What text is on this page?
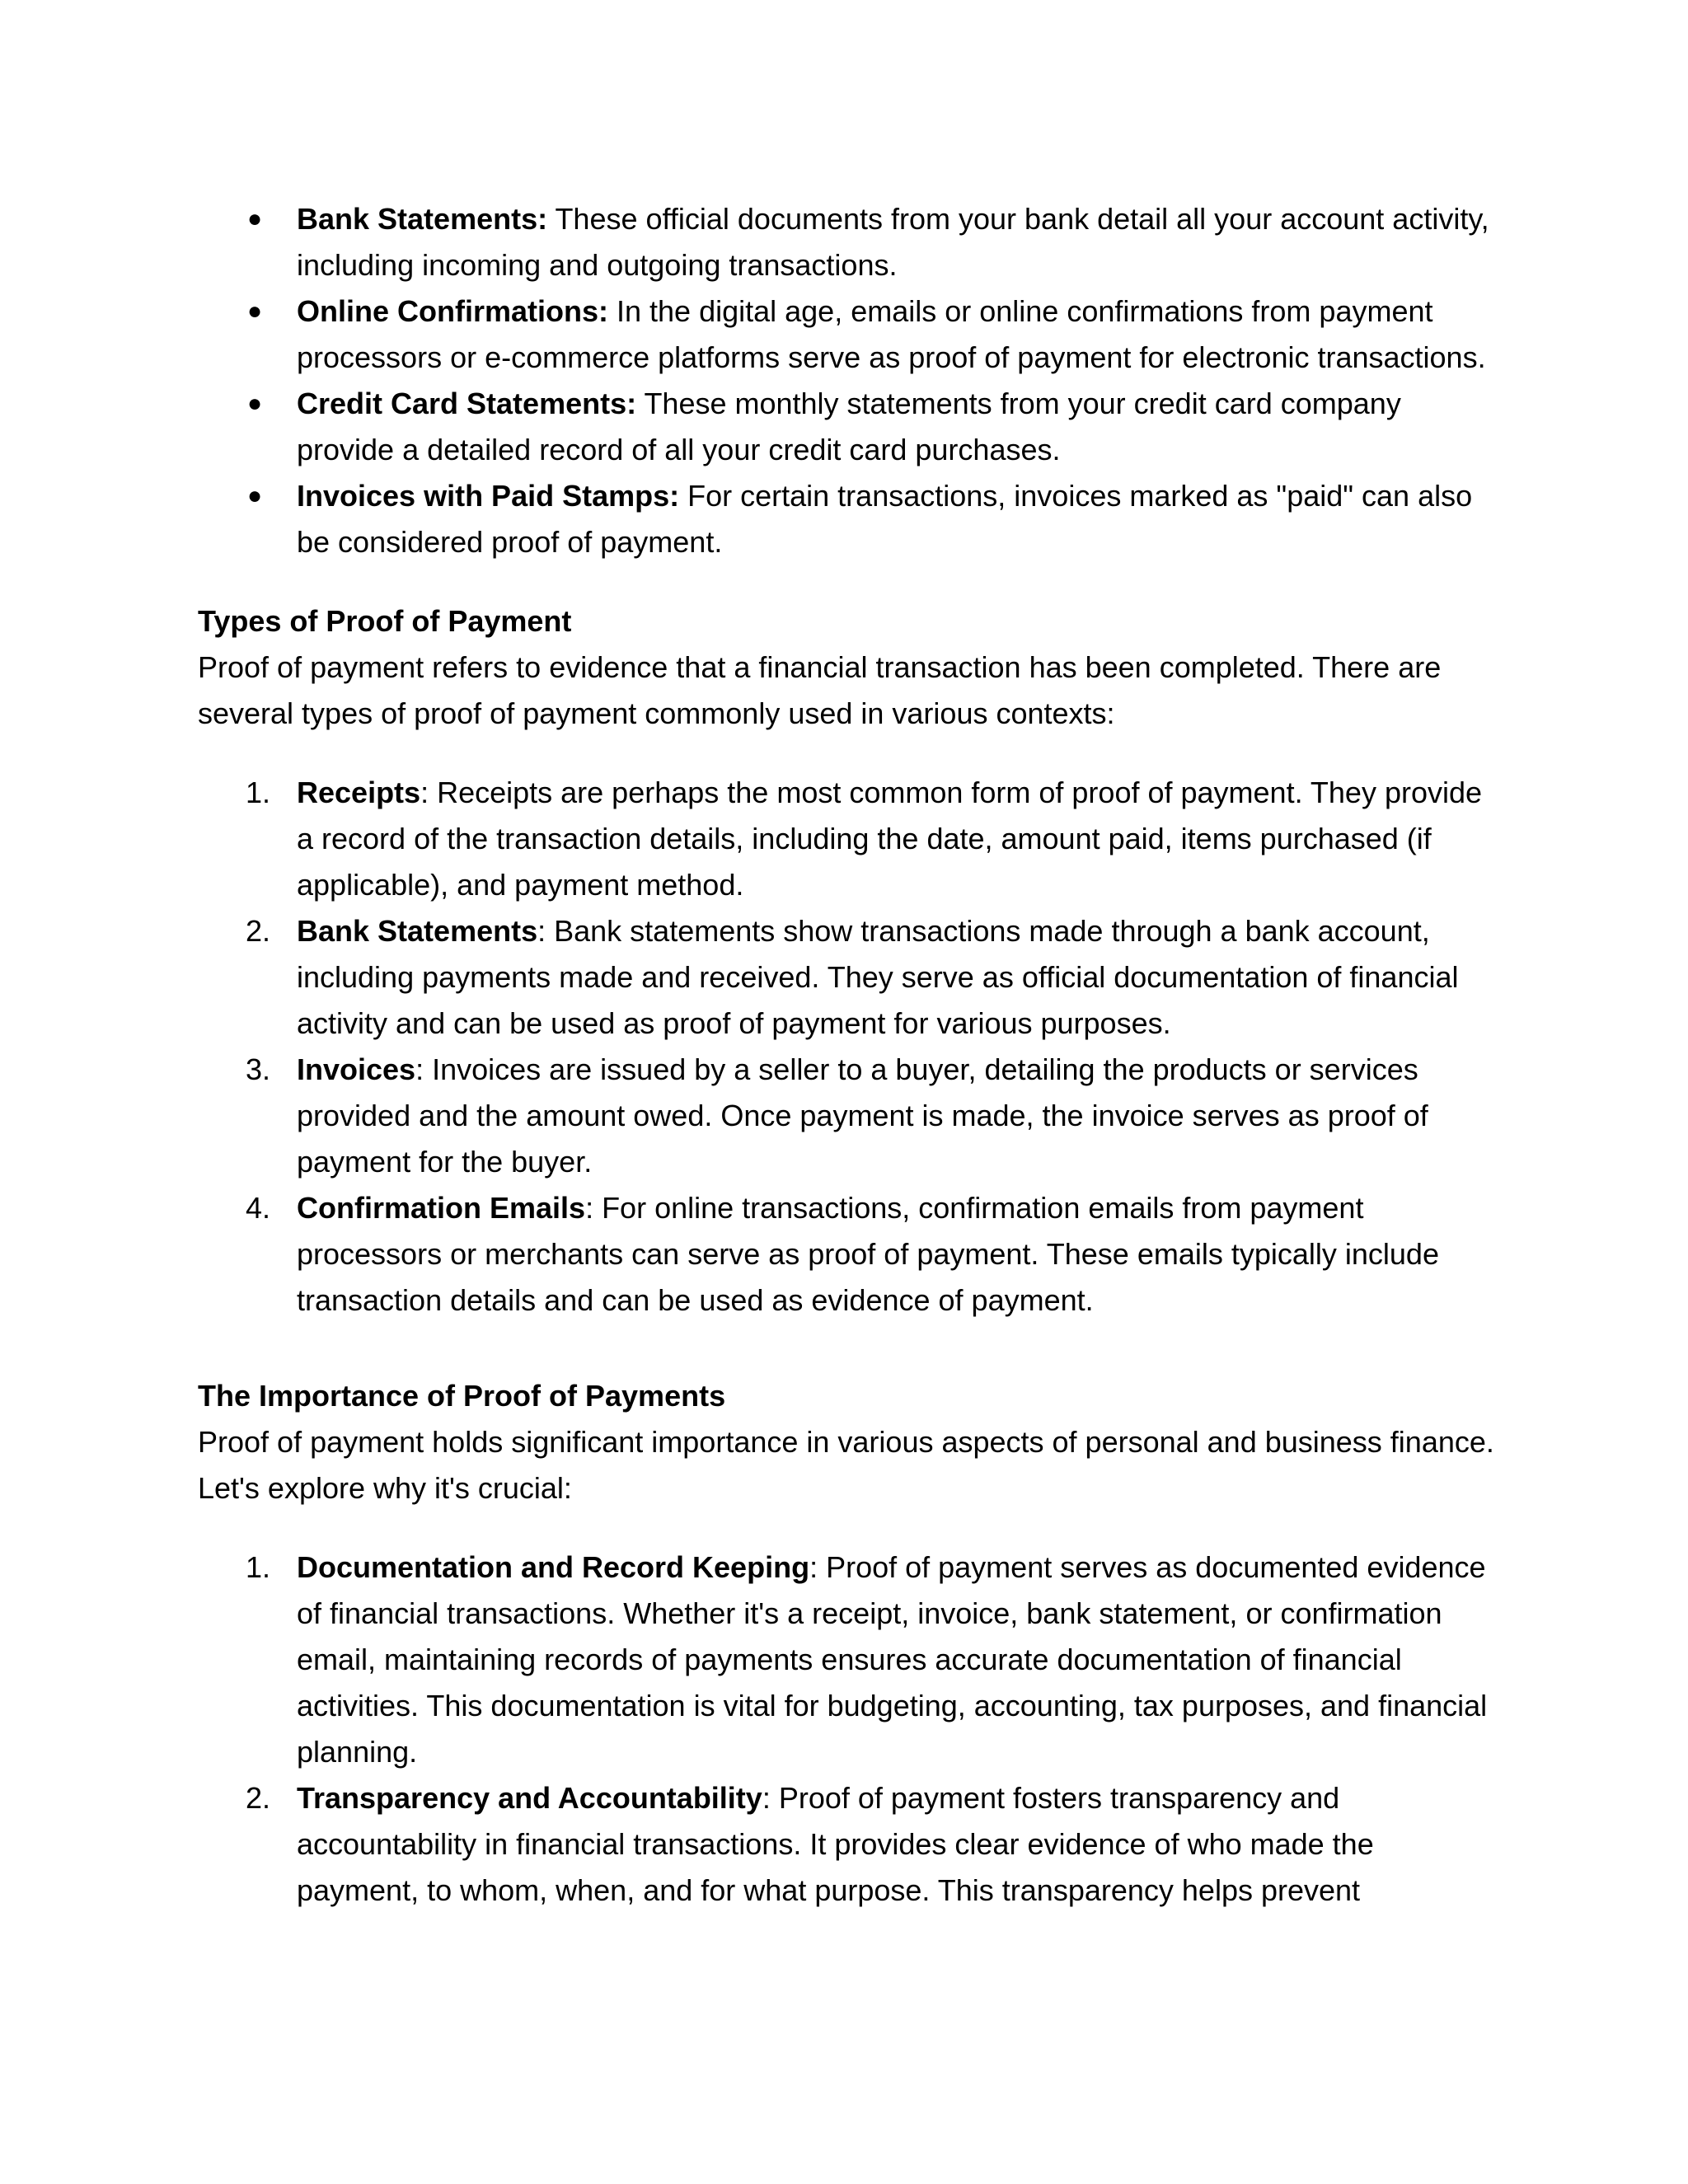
●	Bank Statements: These official documents from your bank detail all your account activity, including incoming and outgoing transactions.
●	Online Confirmations: In the digital age, emails or online confirmations from payment processors or e-commerce platforms serve as proof of payment for electronic transactions.
●	Credit Card Statements: These monthly statements from your credit card company provide a detailed record of all your credit card purchases.
●	Invoices with Paid Stamps: For certain transactions, invoices marked as "paid" can also be considered proof of payment.

Types of Proof of Payment

Proof of payment refers to evidence that a financial transaction has been completed. There are several types of proof of payment commonly used in various contexts:

1. Receipts: Receipts are perhaps the most common form of proof of payment. They provide a record of the transaction details, including the date, amount paid, items purchased (if applicable), and payment method.
2. Bank Statements: Bank statements show transactions made through a bank account, including payments made and received. They serve as official documentation of financial activity and can be used as proof of payment for various purposes.
3. Invoices: Invoices are issued by a seller to a buyer, detailing the products or services provided and the amount owed. Once payment is made, the invoice serves as proof of payment for the buyer.
4. Confirmation Emails: For online transactions, confirmation emails from payment processors or merchants can serve as proof of payment. These emails typically include transaction details and can be used as evidence of payment.

The Importance of Proof of Payments

Proof of payment holds significant importance in various aspects of personal and business finance. Let's explore why it's crucial:

1. Documentation and Record Keeping: Proof of payment serves as documented evidence of financial transactions. Whether it's a receipt, invoice, bank statement, or confirmation email, maintaining records of payments ensures accurate documentation of financial activities. This documentation is vital for budgeting, accounting, tax purposes, and financial planning.
2. Transparency and Accountability: Proof of payment fosters transparency and accountability in financial transactions. It provides clear evidence of who made the payment, to whom, when, and for what purpose. This transparency helps prevent
